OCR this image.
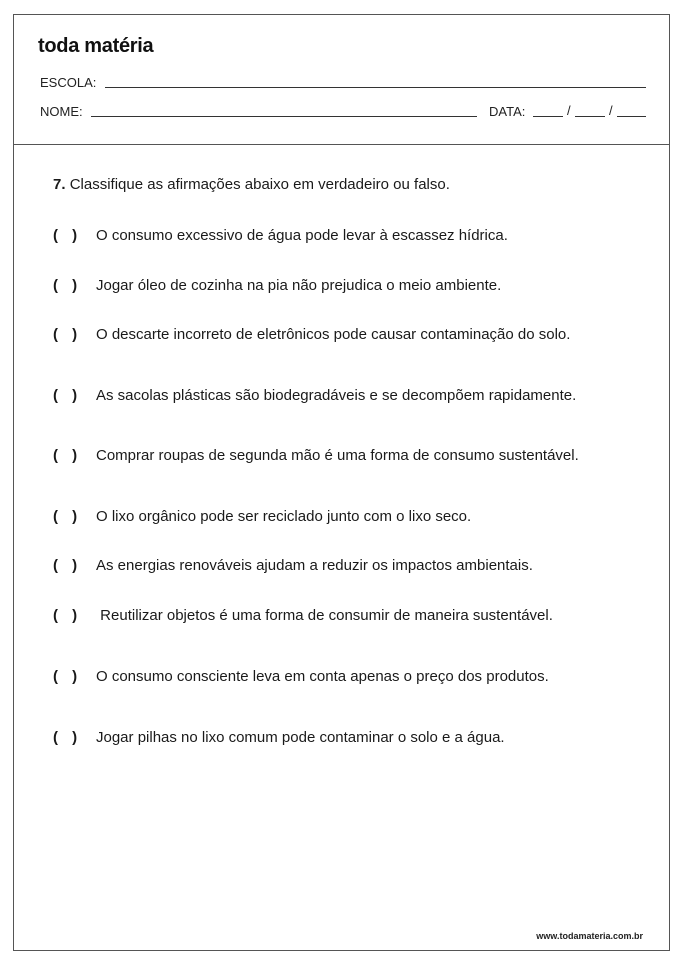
toda matéria
ESCOLA:
NOME:	DATA:	/	/
7. Classifique as afirmações abaixo em verdadeiro ou falso.
( ) O consumo excessivo de água pode levar à escassez hídrica.
( ) Jogar óleo de cozinha na pia não prejudica o meio ambiente.
( ) O descarte incorreto de eletrônicos pode causar contaminação do solo.
( ) As sacolas plásticas são biodegradáveis e se decompõem rapidamente.
( ) Comprar roupas de segunda mão é uma forma de consumo sustentável.
( ) O lixo orgânico pode ser reciclado junto com o lixo seco.
( ) As energias renováveis ajudam a reduzir os impactos ambientais.
( ) Reutilizar objetos é uma forma de consumir de maneira sustentável.
( ) O consumo consciente leva em conta apenas o preço dos produtos.
( ) Jogar pilhas no lixo comum pode contaminar o solo e a água.
www.todamateria.com.br
